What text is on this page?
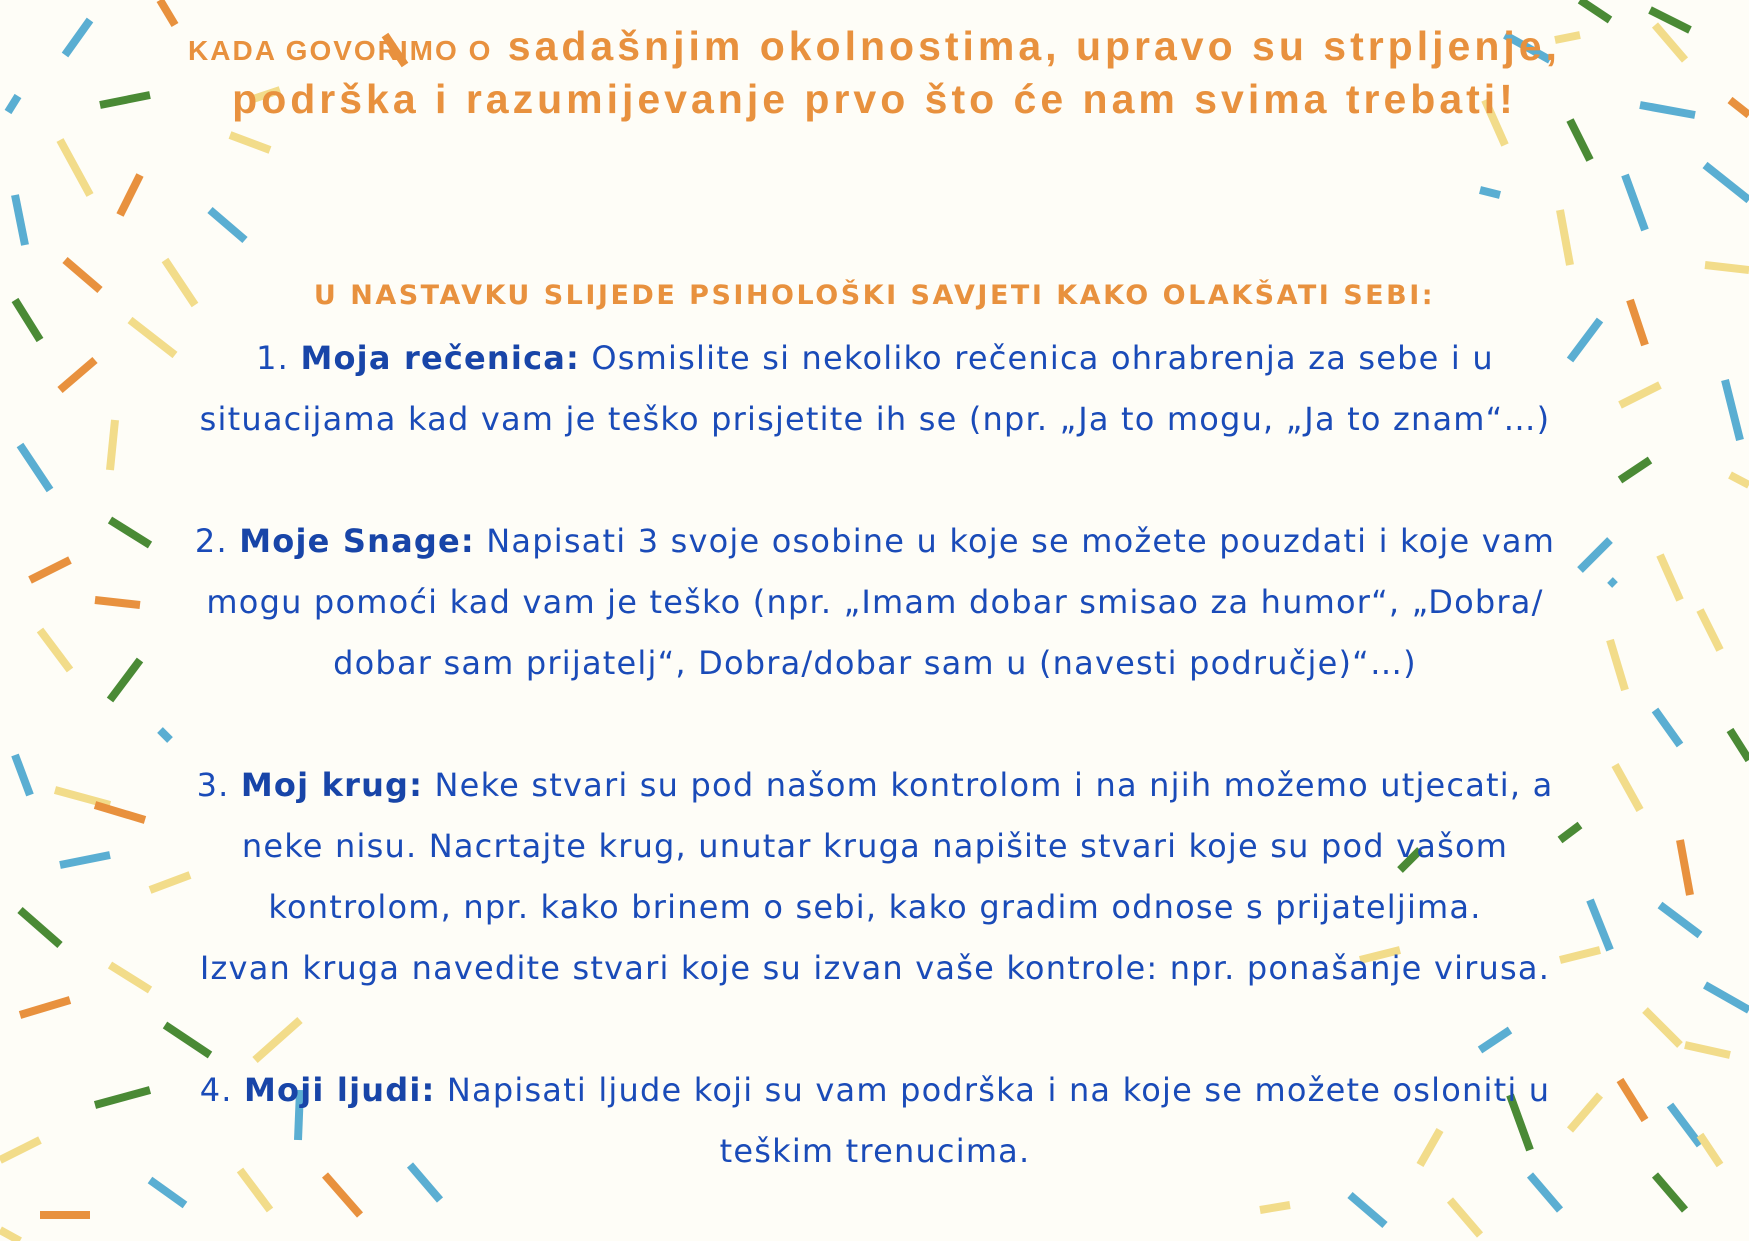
KADA GOVORIMO O sadašnjim okolnostima, upravo su strpljenje, podrška i razumijevanje prvo što će nam svima trebati!
U NASTAVKU SLIJEDE PSIHOLOŠKI SAVJETI KAKO OLAKŠATI SEBI:
1. Moja rečenica: Osmislite si nekoliko rečenica ohrabrenja za sebe i u situacijama kad vam je teško prisjetite ih se (npr. „Ja to mogu, „Ja to znam“…)
2. Moje Snage: Napisati 3 svoje osobine u koje se možete pouzdati i koje vam mogu pomoći kad vam je teško (npr. „Imam dobar smisao za humor“, „Dobra/ dobar sam prijatelj“, Dobra/dobar sam u (navesti područje)“…)
3. Moj krug: Neke stvari su pod našom kontrolom i na njih možemo utjecati, a neke nisu. Nacrtajte krug, unutar kruga napišite stvari koje su pod vašom kontrolom, npr. kako brinem o sebi, kako gradim odnose s prijateljima.
Izvan kruga navedite stvari koje su izvan vaše kontrole: npr. ponašanje virusa.
4. Moji ljudi: Napisati ljude koji su vam podrška i na koje se možete osloniti u teškim trenucima.
